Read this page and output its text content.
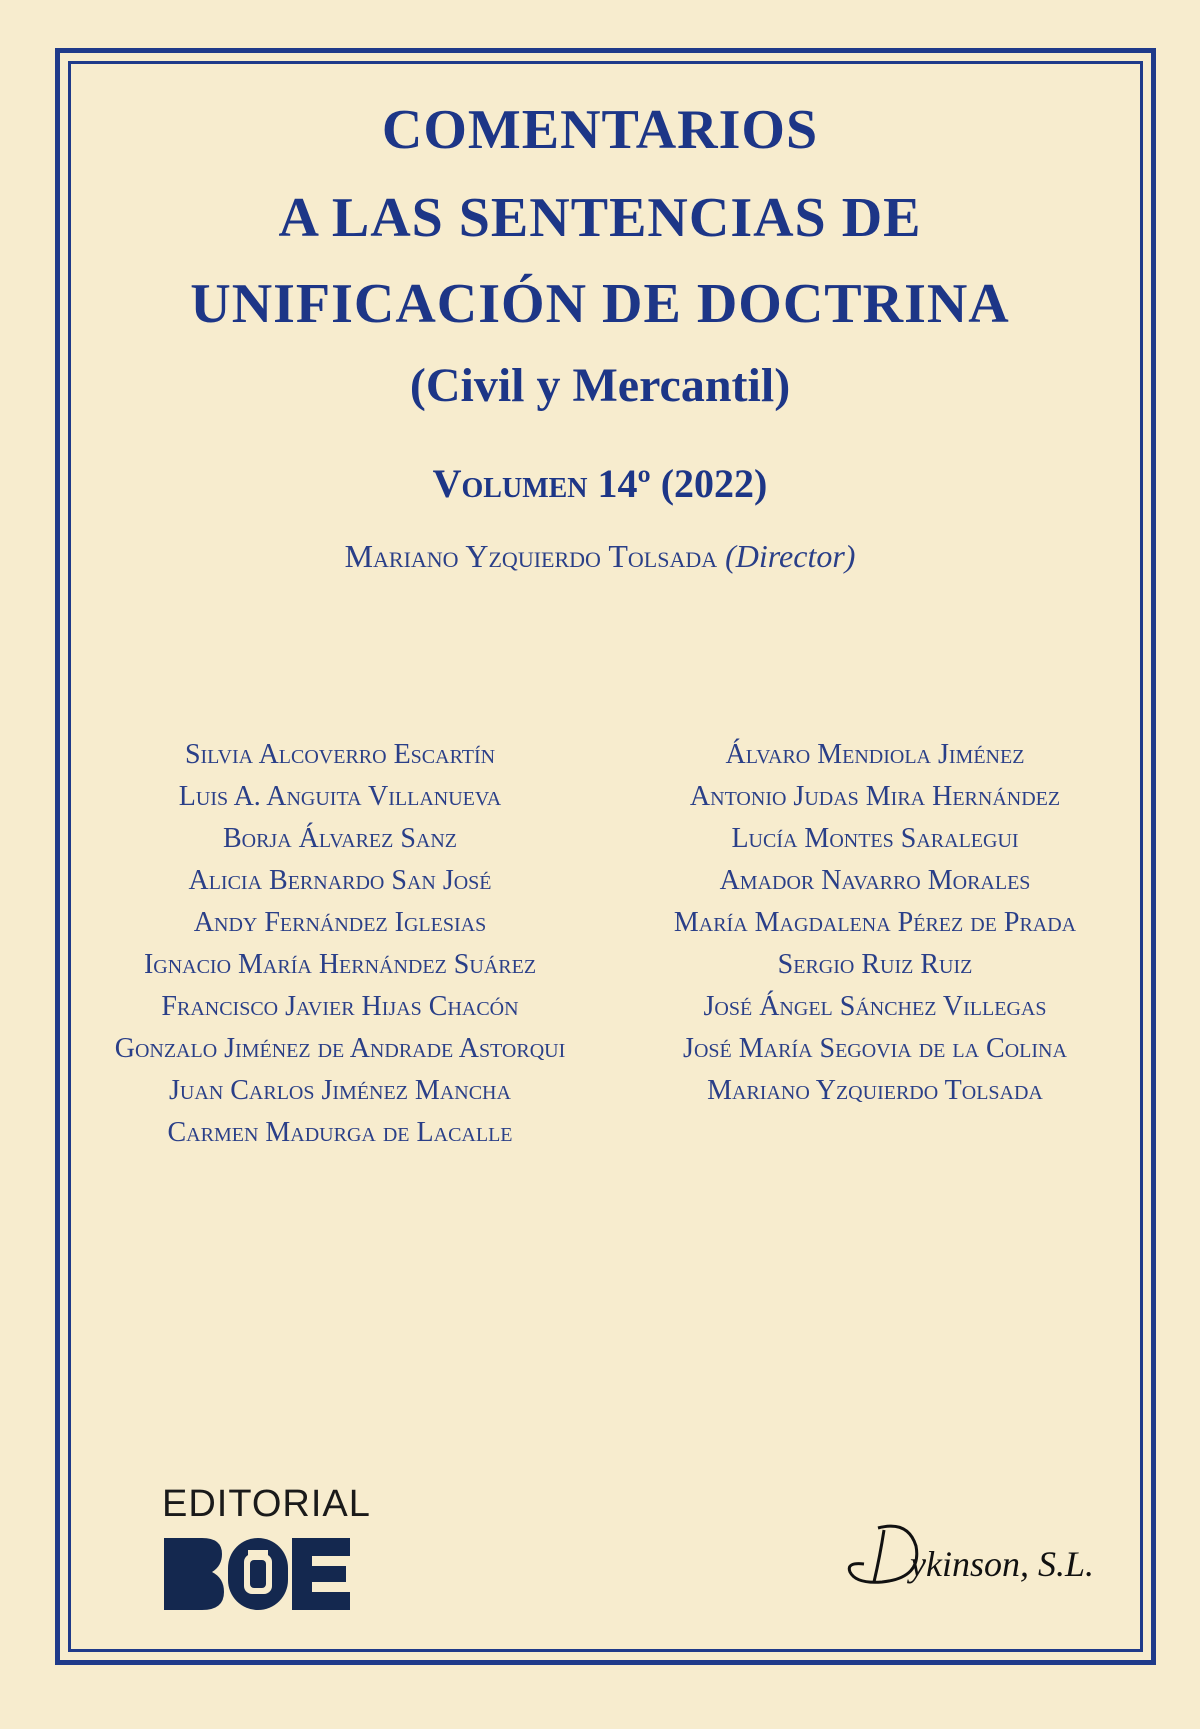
COMENTARIOS
A LAS SENTENCIAS DE
UNIFICACIÓN DE DOCTRINA
(Civil y Mercantil)
Volumen 14º (2022)
Mariano Yzquierdo Tolsada (Director)
Silvia Alcoverro Escartín
Luis A. Anguita Villanueva
Borja Álvarez Sanz
Alicia Bernardo San José
Andy Fernández Iglesias
Ignacio María Hernández Suárez
Francisco Javier Hijas Chacón
Gonzalo Jiménez de Andrade Astorqui
Juan Carlos Jiménez Mancha
Carmen Madurga de Lacalle
Álvaro Mendiola Jiménez
Antonio Judas Mira Hernández
Lucía Montes Saralegui
Amador Navarro Morales
María Magdalena Pérez de Prada
Sergio Ruiz Ruiz
José Ángel Sánchez Villegas
José María Segovia de la Colina
Mariano Yzquierdo Tolsada
EDITORIAL
ykinson, S.L.
